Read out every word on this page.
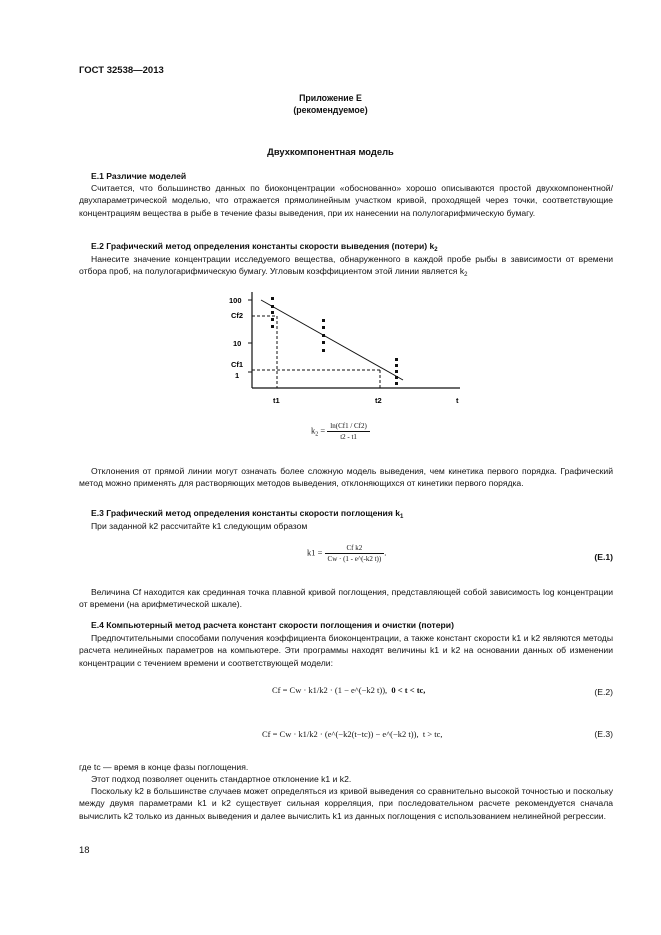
ГОСТ 32538—2013
Приложение Е
(рекомендуемое)
Двухкомпонентная модель
Е.1 Различие моделей
Считается, что большинство данных по биоконцентрации «обоснованно» хорошо описываются простой двухкомпонентной/двухпараметрической моделью, что отражается прямолинейным участком кривой, проходящей через точки, соответствующие концентрациям вещества в рыбе в течение фазы выведения, при их нанесении на полулогарифмическую бумагу.
Е.2 Графический метод определения константы скорости выведения (потери) $k_2$
Нанесите значение концентрации исследуемого вещества, обнаруженного в каждой пробе рыбы в зависимости от времени отбора проб, на полулогарифмическую бумагу. Угловым коэффициентом этой линии является $k_2$
100
Сf2
10
Сf1
1
t1	t2	t
$k_2 = \frac{\ln(Cf1 / Cf2)}{t2 - t1}$
Отклонения от прямой линии могут означать более сложную модель выведения, чем кинетика первого порядка. Графический метод можно применять для растворяющих методов выведения, отклоняющихся от кинетики первого порядка.
Е.3 Графический метод определения константы скорости поглощения $k_1$
При заданной k2 рассчитайте k1 следующим образом
$k1 = \frac{\text{Cf k2}}{Cw \cdot (1 - e\^{}(-k2 t))}$ .	(Е.1)
Величина Сf находится как срединная точка плавной кривой поглощения, представляющей собой зависимость log концентрации от времени (на арифметической шкале).
Е.4 Компьютерный метод расчета констант скорости поглощения и очистки (потери)
Предпочтительными способами получения коэффициента биоконцентрации, а также констант скорости k1 и k2 являются методы расчета нелинейных параметров на компьютере. Эти программы находят величины k1 и k2 на основании данных об изменении концентрации с течением времени и соответствующей модели:
Cf = Cw · k1/k2 · (1 − e^(−k2 t)), 0 < t < tc,	(Е.2)
Cf = Cw · k1/k2 · (e^(−k2(t−tc)) − e^(−k2 t)), t > tc,	(Е.3)
где tc — время в конце фазы поглощения.
Этот подход позволяет оценить стандартное отклонение k1 и k2.
Поскольку k2 в большинстве случаев может определяться из кривой выведения со сравнительно высокой точностью и поскольку между двумя параметрами k1 и k2 существует сильная корреляция, при последовательном расчете рекомендуется сначала вычислить k2 только из данных выведения и далее вычислить k1 из данных поглощения с использованием нелинейной регрессии.
18
